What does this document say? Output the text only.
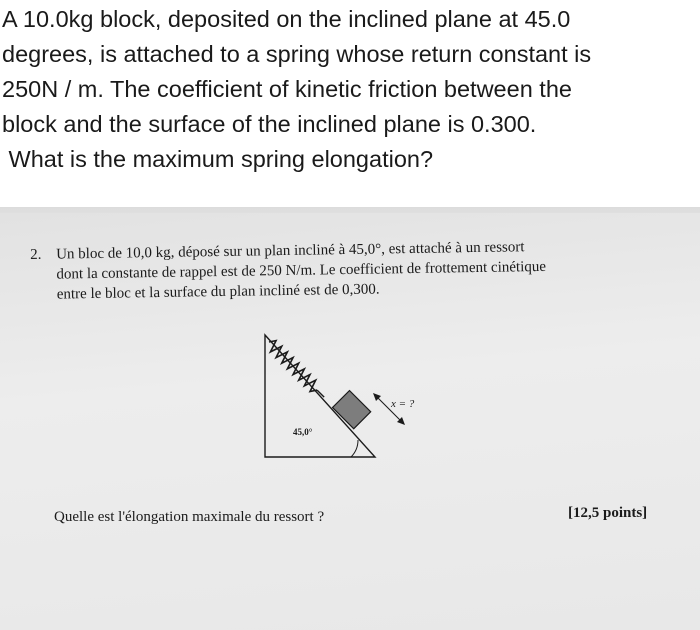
A 10.0kg block, deposited on the inclined plane at 45.0

degrees, is attached to a spring whose return constant is

250N / m. The coefficient of kinetic friction between the

block and the surface of the inclined plane is 0.300.

What is the maximum spring elongation?

2. Un bloc de 10,0 kg, déposé sur un plan incliné à 45,0°, est attaché à un ressort
dont la constante de rappel est de 250 N/m. Le coefficient de frottement cinétique
entre le bloc et la surface du plan incliné est de 0,300.
45,0°
x = ?
Quelle est l'élongation maximale du ressort ?	[12,5 points]
